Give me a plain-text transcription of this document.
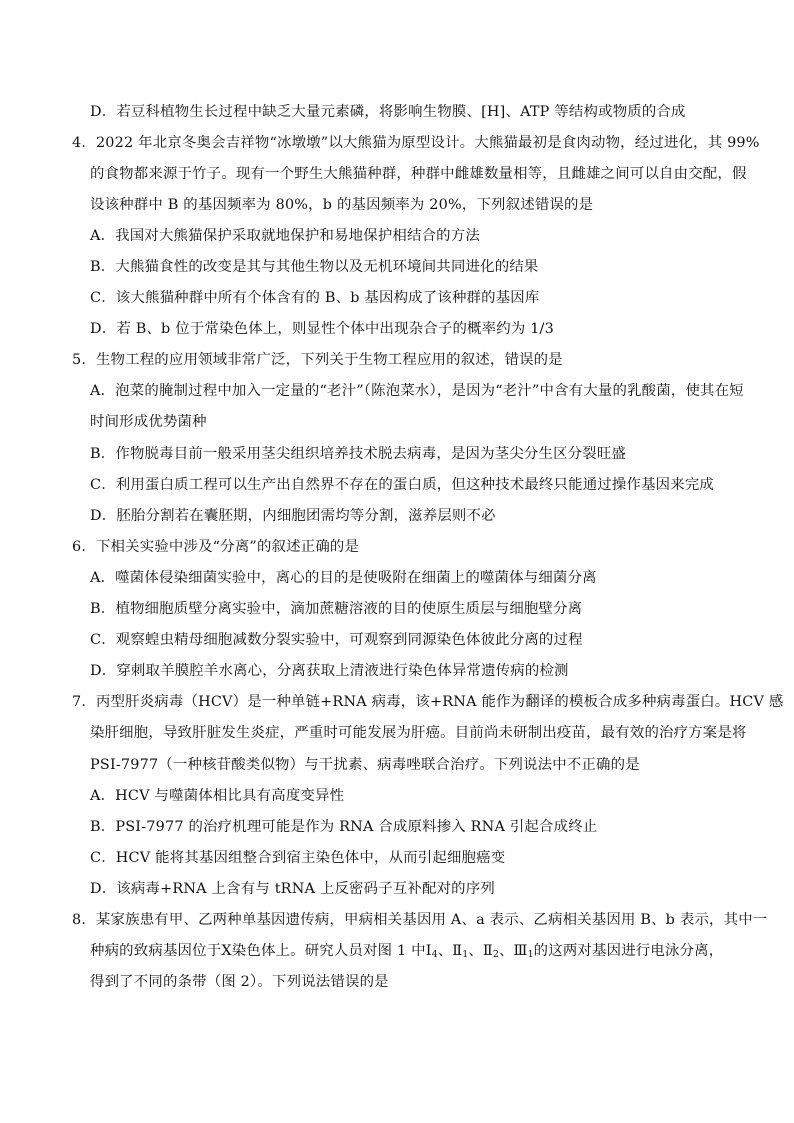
D．若豆科植物生长过程中缺乏大量元素磷，将影响生物膜、[H]、ATP 等结构或物质的合成
4．2022 年北京冬奥会吉祥物“冰墩墩”以大熊猫为原型设计。大熊猫最初是食肉动物，经过进化，其 99%
的食物都来源于竹子。现有一个野生大熊猫种群，种群中雌雄数量相等，且雌雄之间可以自由交配，假
设该种群中 B 的基因频率为 80%，b 的基因频率为 20%，下列叙述错误的是
A．我国对大熊猫保护采取就地保护和易地保护相结合的方法
B．大熊猫食性的改变是其与其他生物以及无机环境间共同进化的结果
C．该大熊猫种群中所有个体含有的 B、b 基因构成了该种群的基因库
D．若 B、b 位于常染色体上，则显性个体中出现杂合子的概率约为 1/3
5．生物工程的应用领域非常广泛，下列关于生物工程应用的叙述，错误的是
A．泡菜的腌制过程中加入一定量的“老汁”（陈泡菜水），是因为“老汁”中含有大量的乳酸菌，使其在短
时间形成优势菌种
B．作物脱毒目前一般采用茎尖组织培养技术脱去病毒，是因为茎尖分生区分裂旺盛
C．利用蛋白质工程可以生产出自然界不存在的蛋白质，但这种技术最终只能通过操作基因来完成
D．胚胎分割若在囊胚期，内细胞团需均等分割，滋养层则不必
6．下相关实验中涉及“分离”的叙述正确的是
A．噬菌体侵染细菌实验中，离心的目的是使吸附在细菌上的噬菌体与细菌分离
B．植物细胞质壁分离实验中，滴加蔗糖溶液的目的使原生质层与细胞壁分离
C．观察蝗虫精母细胞减数分裂实验中，可观察到同源染色体彼此分离的过程
D．穿刺取羊膜腔羊水离心，分离获取上清液进行染色体异常遗传病的检测
7．丙型肝炎病毒（HCV）是一种单链+RNA 病毒，该+RNA 能作为翻译的模板合成多种病毒蛋白。HCV 感
染肝细胞，导致肝脏发生炎症，严重时可能发展为肝癌。目前尚未研制出疫苗，最有效的治疗方案是将
PSI-7977（一种核苷酸类似物）与干扰素、病毒唑联合治疗。下列说法中不正确的是
A．HCV 与噬菌体相比具有高度变异性
B．PSI-7977 的治疗机理可能是作为 RNA 合成原料掺入 RNA 引起合成终止
C．HCV 能将其基因组整合到宿主染色体中，从而引起细胞癌变
D．该病毒+RNA 上含有与 tRNA 上反密码子互补配对的序列
8．某家族患有甲、乙两种单基因遗传病，甲病相关基因用 A、a 表示、乙病相关基因用 B、b 表示，其中一
种病的致病基因位于X染色体上。研究人员对图 1 中$Ⅰ_4$、$Ⅱ_1$、$Ⅱ_2$、$Ⅲ_1$的这两对基因进行电泳分离，
得到了不同的条带（图 2）。下列说法错误的是
